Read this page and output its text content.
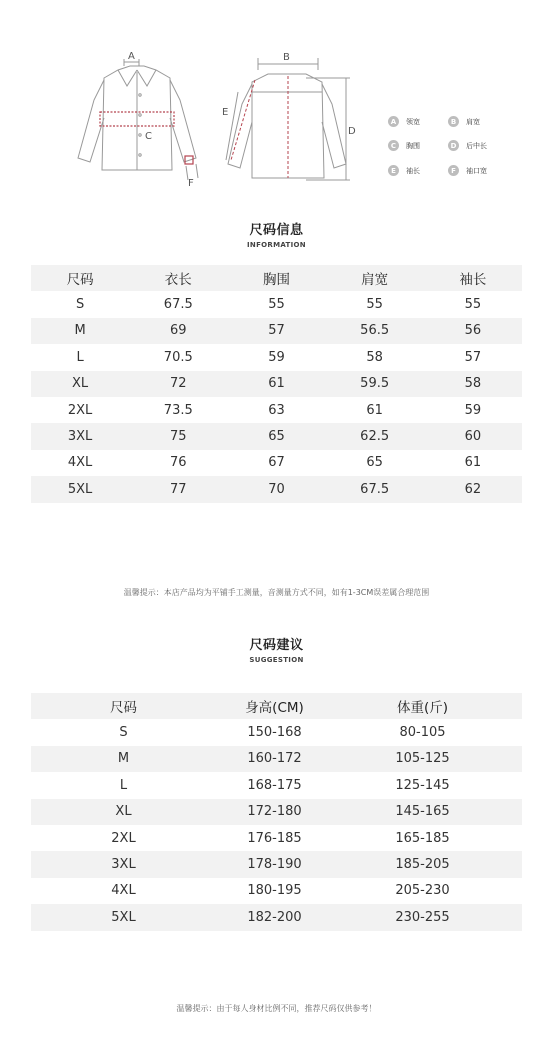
A
C
F
B
D
E
A	领宽	B	肩宽
C	胸围	D	后中长
E	袖长	F	袖口宽
尺码信息
INFORMATION
尺码	衣长	胸围	肩宽	袖长
S	67.5	55	55	55
M	69	57	56.5	56
L	70.5	59	58	57
XL	72	61	59.5	58
2XL	73.5	63	61	59
3XL	75	65	62.5	60
4XL	76	67	65	61
5XL	77	70	67.5	62
温馨提示：本店产品均为平铺手工测量，音测量方式不同，如有1-3CM误差属合理范围
尺码建议
SUGGESTION
尺码	身高(CM)	体重(斤)
S	150-168	80-105
M	160-172	105-125
L	168-175	125-145
XL	172-180	145-165
2XL	176-185	165-185
3XL	178-190	185-205
4XL	180-195	205-230
5XL	182-200	230-255
温馨提示：由于每人身材比例不同，推荐尺码仅供参考！
